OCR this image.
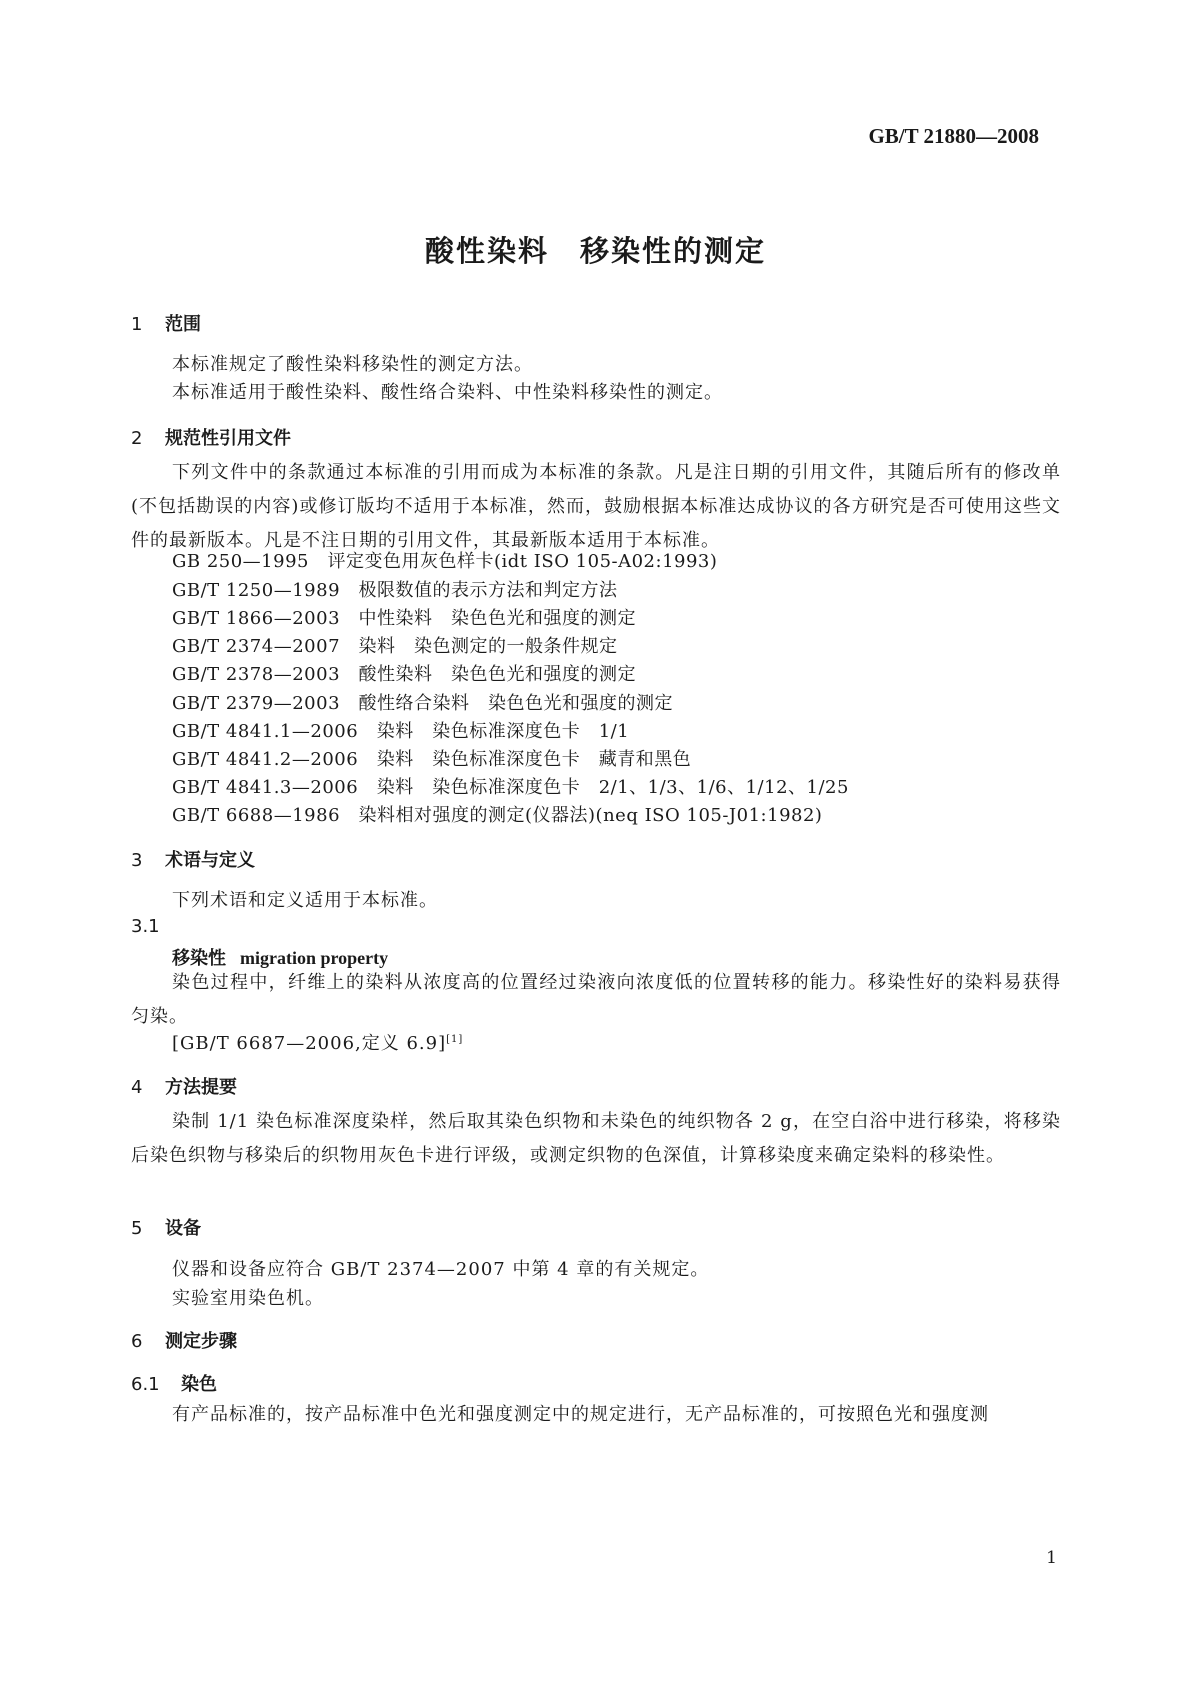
GB/T 21880—2008
酸性染料　移染性的测定
1 范围
本标准规定了酸性染料移染性的测定方法。
本标准适用于酸性染料、酸性络合染料、中性染料移染性的测定。
2 规范性引用文件
下列文件中的条款通过本标准的引用而成为本标准的条款。凡是注日期的引用文件，其随后所有的修改单(不包括勘误的内容)或修订版均不适用于本标准，然而，鼓励根据本标准达成协议的各方研究是否可使用这些文件的最新版本。凡是不注日期的引用文件，其最新版本适用于本标准。
GB 250—1995　评定变色用灰色样卡(idt ISO 105-A02:1993)
GB/T 1250—1989　极限数值的表示方法和判定方法
GB/T 1866—2003　中性染料　染色色光和强度的测定
GB/T 2374—2007　染料　染色测定的一般条件规定
GB/T 2378—2003　酸性染料　染色色光和强度的测定
GB/T 2379—2003　酸性络合染料　染色色光和强度的测定
GB/T 4841.1—2006　染料　染色标准深度色卡　1/1
GB/T 4841.2—2006　染料　染色标准深度色卡　藏青和黑色
GB/T 4841.3—2006　染料　染色标准深度色卡　2/1、1/3、1/6、1/12、1/25
GB/T 6688—1986　染料相对强度的测定(仪器法)(neq ISO 105-J01:1982)
3 术语与定义
下列术语和定义适用于本标准。
3.1
移染性 migration property
染色过程中，纤维上的染料从浓度高的位置经过染液向浓度低的位置转移的能力。移染性好的染料易获得匀染。
[GB/T 6687—2006,定义 6.9][1]
4 方法提要
染制 1/1 染色标准深度染样，然后取其染色织物和未染色的纯织物各 2 g，在空白浴中进行移染，将移染后染色织物与移染后的织物用灰色卡进行评级，或测定织物的色深值，计算移染度来确定染料的移染性。
5 设备
仪器和设备应符合 GB/T 2374—2007 中第 4 章的有关规定。
实验室用染色机。
6 测定步骤
6.1 染色
有产品标准的，按产品标准中色光和强度测定中的规定进行，无产品标准的，可按照色光和强度测
1
